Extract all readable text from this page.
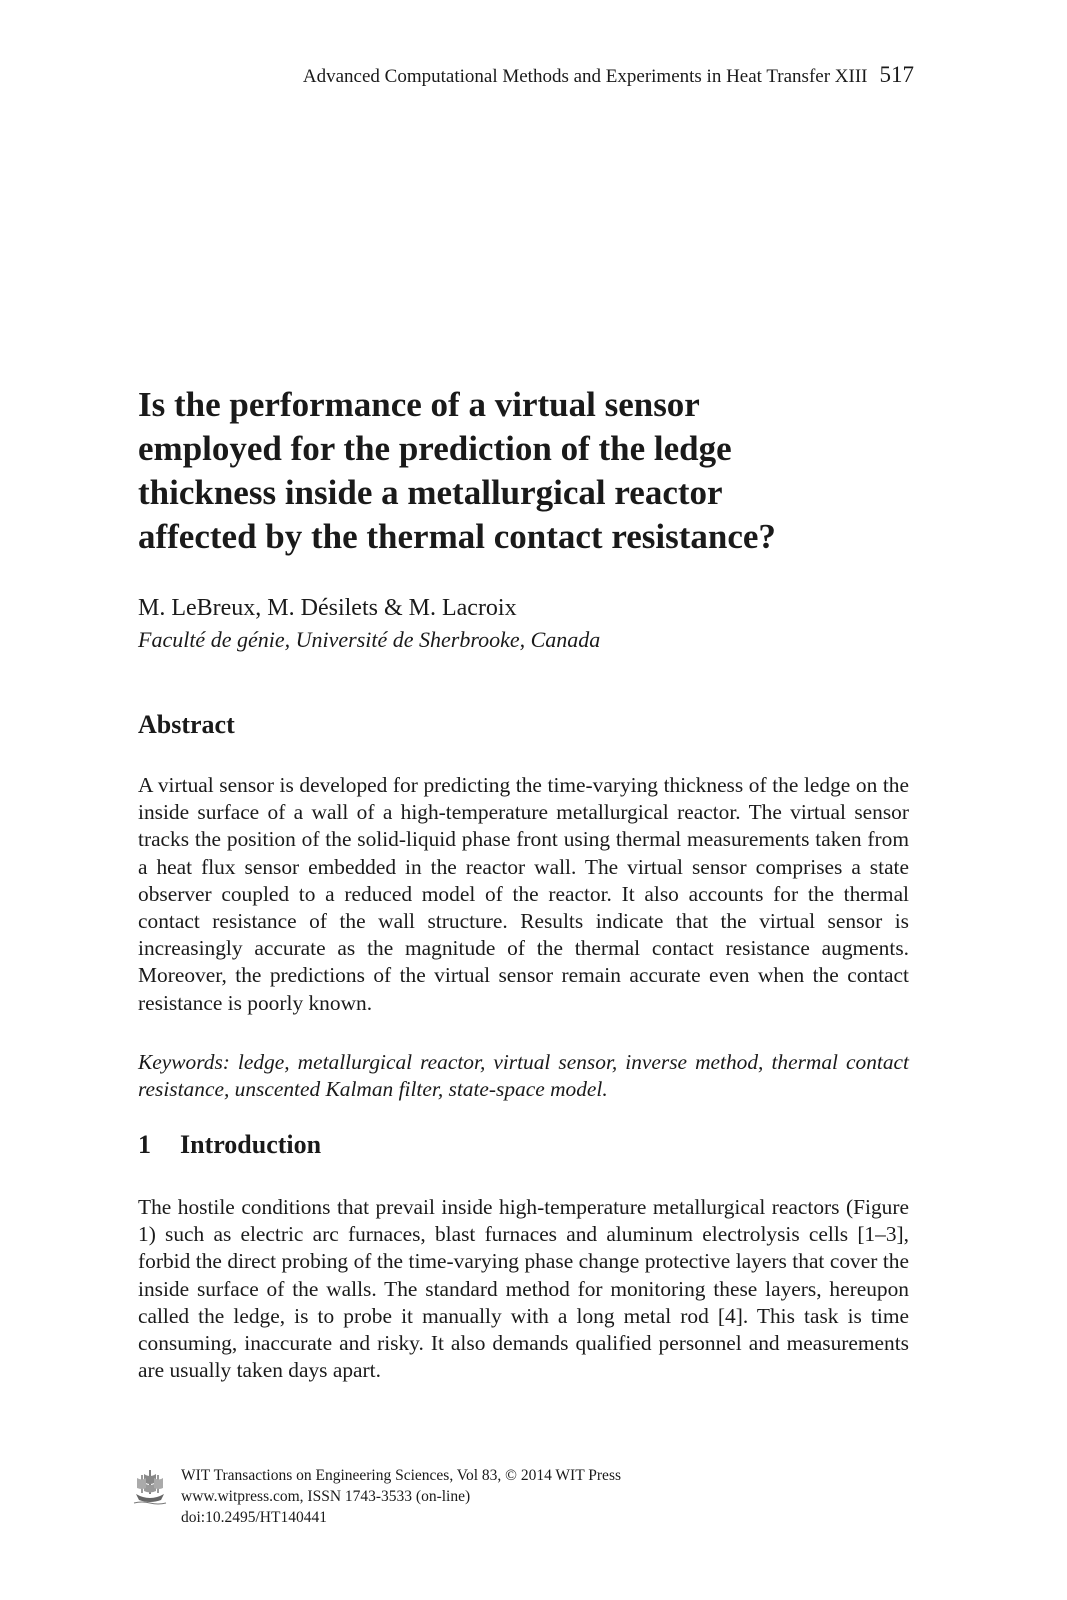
Advanced Computational Methods and Experiments in Heat Transfer XIII 517
Is the performance of a virtual sensor
employed for the prediction of the ledge
thickness inside a metallurgical reactor
affected by the thermal contact resistance?
M. LeBreux, M. Désilets & M. Lacroix
Faculté de génie, Université de Sherbrooke, Canada
Abstract

A virtual sensor is developed for predicting the time-varying thickness of the ledge on the inside surface of a wall of a high-temperature metallurgical reactor. The virtual sensor tracks the position of the solid-liquid phase front using thermal measurements taken from a heat flux sensor embedded in the reactor wall. The virtual sensor comprises a state observer coupled to a reduced model of the reactor. It also accounts for the thermal contact resistance of the wall structure. Results indicate that the virtual sensor is increasingly accurate as the magnitude of the thermal contact resistance augments. Moreover, the predictions of the virtual sensor remain accurate even when the contact resistance is poorly known.

Keywords: ledge, metallurgical reactor, virtual sensor, inverse method, thermal contact resistance, unscented Kalman filter, state-space model.

1 Introduction

The hostile conditions that prevail inside high-temperature metallurgical reactors (Figure 1) such as electric arc furnaces, blast furnaces and aluminum electrolysis cells [1–3], forbid the direct probing of the time-varying phase change protective layers that cover the inside surface of the walls. The standard method for monitoring these layers, hereupon called the ledge, is to probe it manually with a long metal rod [4]. This task is time consuming, inaccurate and risky. It also demands qualified personnel and measurements are usually taken days apart.

WIT Transactions on Engineering Sciences, Vol 83, © 2014 WIT Press
www.witpress.com, ISSN 1743-3533 (on-line)
doi:10.2495/HT140441
